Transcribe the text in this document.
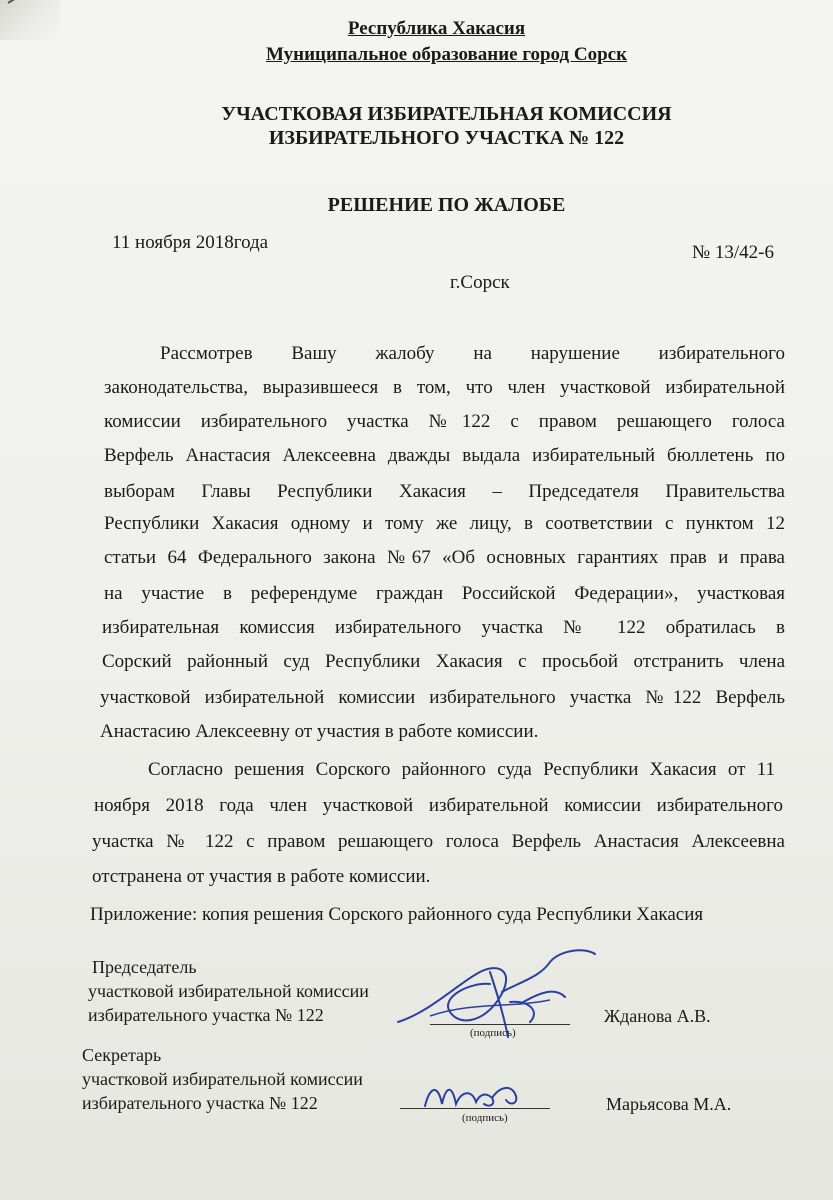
Республика Хакасия
Муниципальное образование город Сорск
УЧАСТКОВАЯ ИЗБИРАТЕЛЬНАЯ КОМИССИЯ
ИЗБИРАТЕЛЬНОГО УЧАСТКА № 122
РЕШЕНИЕ ПО ЖАЛОБЕ
11 ноября 2018года	№ 13/42-6
г.Сорск
Рассмотрев Вашу жалобу на нарушение избирательного
законодательства, выразившееся в том, что член участковой избирательной
комиссии избирательного участка №122 с правом решающего голоса
Верфель Анастасия Алексеевна дважды выдала избирательный бюллетень по
выборам Главы Республики Хакасия – Председателя Правительства
Республики Хакасия одному и тому же лицу, в соответствии с пунктом 12
статьи 64 Федерального закона №67 «Об основных гарантиях прав и права
на участие в референдуме граждан Российской Федерации», участковая
избирательная комиссия избирательного участка № 122 обратилась в
Сорский районный суд Республики Хакасия с просьбой отстранить члена
участковой избирательной комиссии избирательного участка №122 Верфель
Анастасию Алексеевну от участия в работе комиссии.
Согласно решения Сорского районного суда Республики Хакасия от 11
ноября 2018 года член участковой избирательной комиссии избирательного
участка № 122 с правом решающего голоса Верфель Анастасия Алексеевна
отстранена от участия в работе комиссии.
Приложение: копия решения Сорского районного суда Республики Хакасия
Председатель
участковой избирательной комиссии
избирательного участка № 122
(подпись)
Жданова А.В.
Секретарь
участковой избирательной комиссии
избирательного участка № 122
(подпись)
Марьясова М.А.
